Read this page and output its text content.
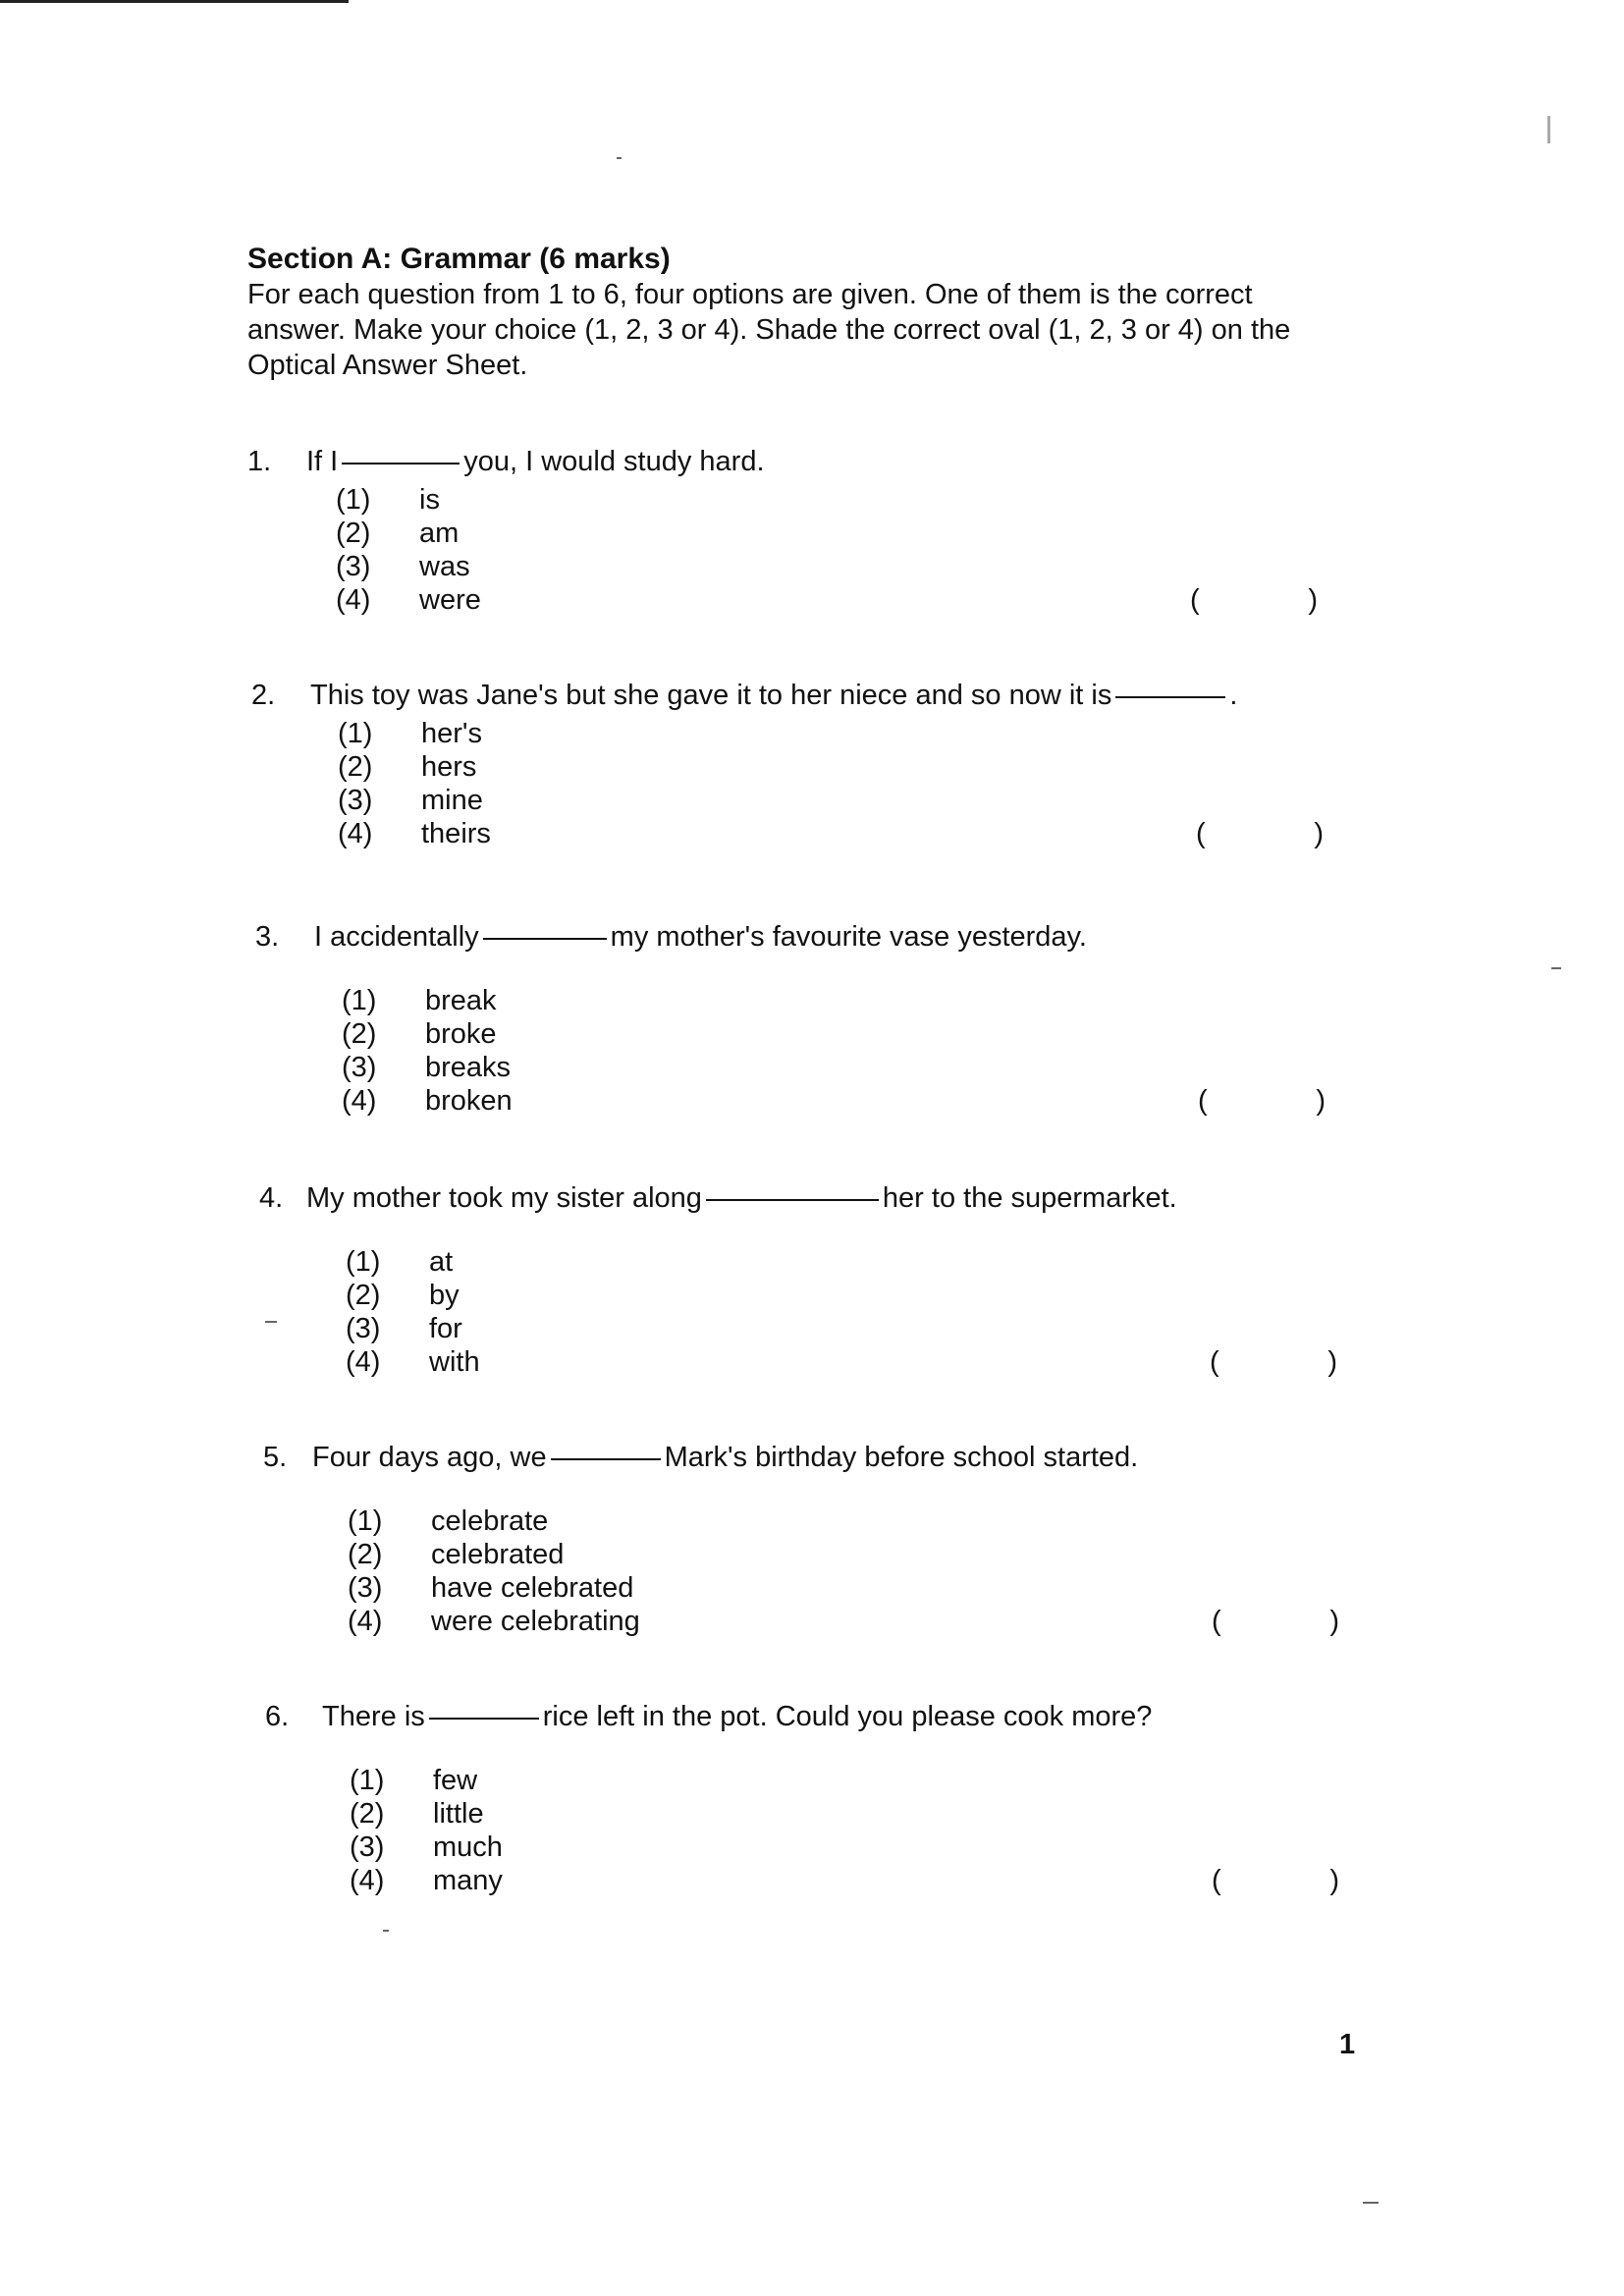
Section A: Grammar (6 marks)

For each question from 1 to 6, four options are given. One of them is the correct answer. Make your choice (1, 2, 3 or 4). Shade the correct oval (1, 2, 3 or 4) on the Optical Answer Sheet.

1. If I	you, I would study hard.
(1) is
(2) am
(3) was
(4) were	(	)
2. This toy was Jane's but she gave it to her niece and so now it is	.
(1) her's
(2) hers
(3) mine
(4) theirs	(	)
3. I accidentally	my mother's favourite vase yesterday.
(1) break
(2) broke
(3) breaks
(4) broken	(	)
4. My mother took my sister along	her to the supermarket.
(1) at
(2) by
(3) for
(4) with	(	)
5. Four days ago, we	Mark's birthday before school started.
(1) celebrate
(2) celebrated
(3) have celebrated
(4) were celebrating	(	)
6. There is	rice left in the pot. Could you please cook more?
(1) few
(2) little
(3) much
(4) many	(	)
1
